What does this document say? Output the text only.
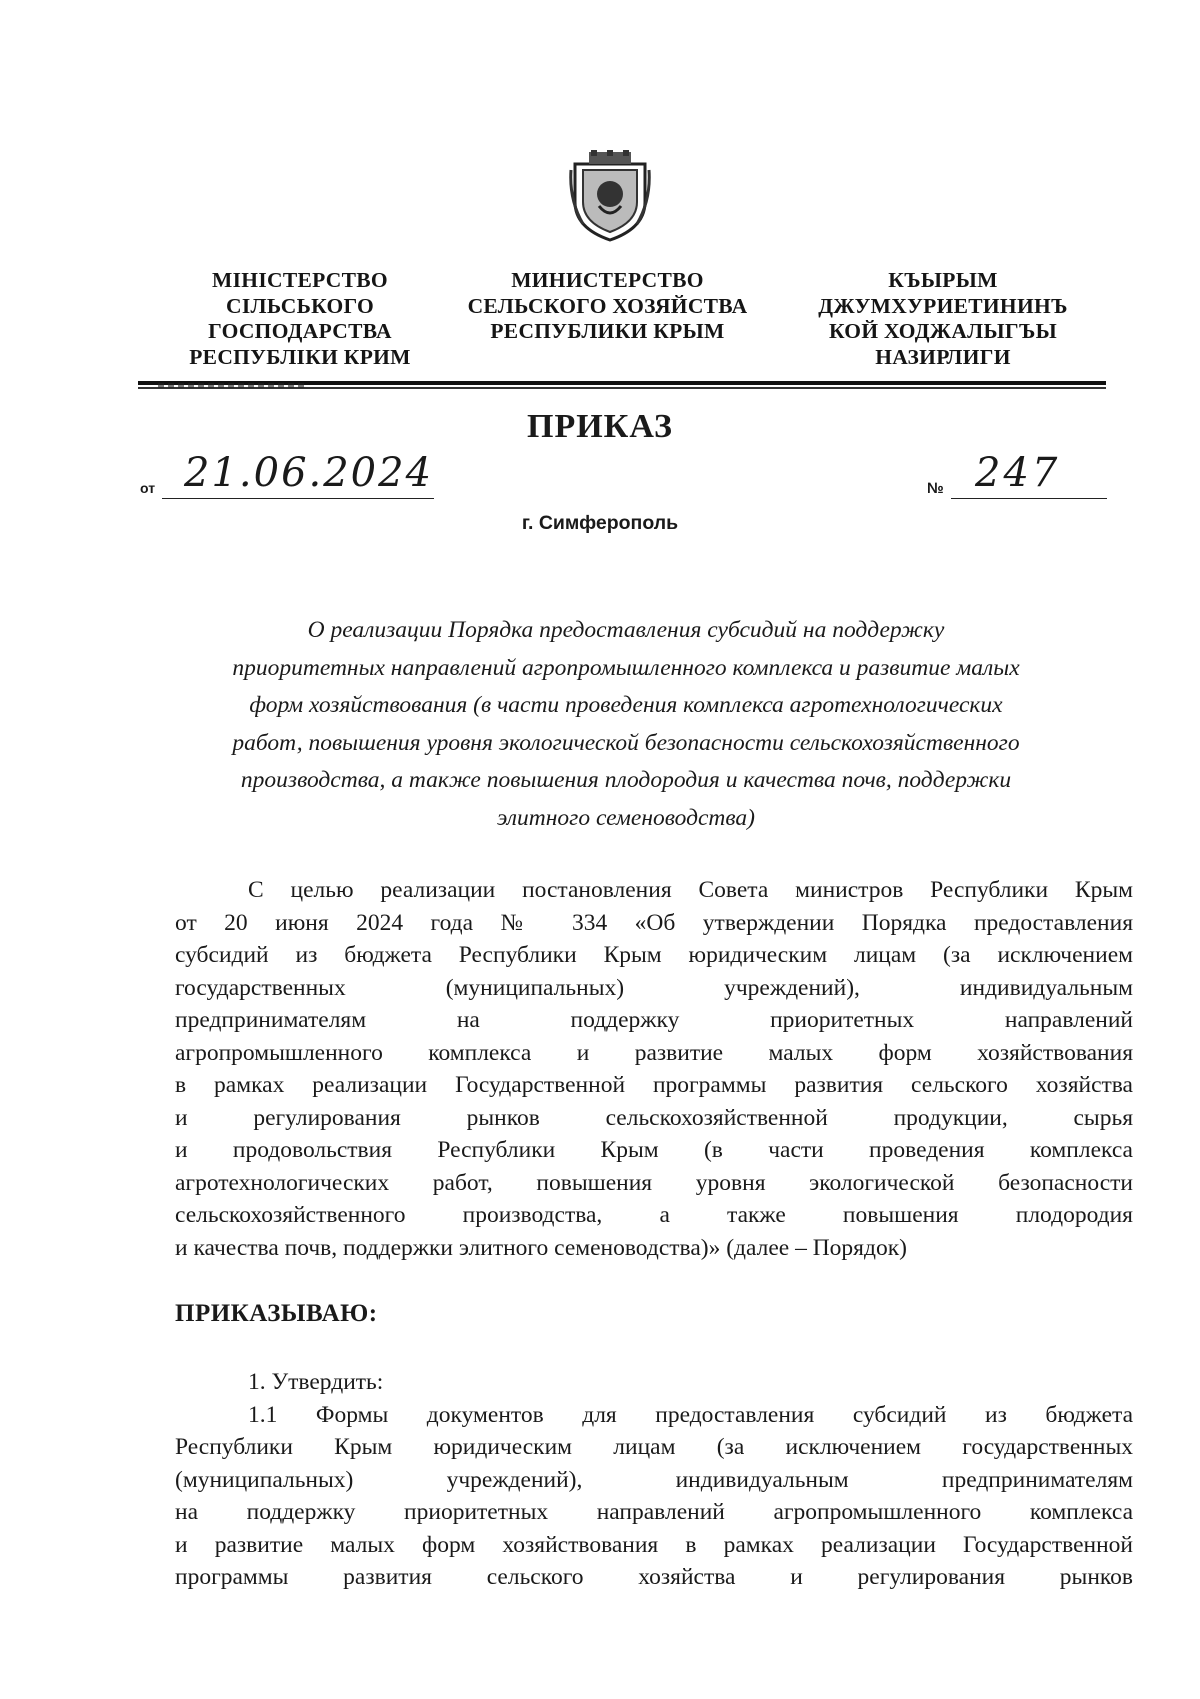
МІНІСТЕРСТВО
СІЛЬСЬКОГО
ГОСПОДАРСТВА
РЕСПУБЛІКИ КРИМ
МИНИСТЕРСТВО
СЕЛЬСКОГО ХОЗЯЙСТВА
РЕСПУБЛИКИ КРЫМ
КЪЫРЫМ
ДЖУМХУРИЕТИНИНЪ
КОЙ ХОДЖАЛЫГЪЫ
НАЗИРЛИГИ
ПРИКАЗ
от 21.06.2024	№ 247
г. Симферополь
О реализации Порядка предоставления субсидий на поддержку
приоритетных направлений агропромышленного комплекса и развитие малых
форм хозяйствования (в части проведения комплекса агротехнологических
работ, повышения уровня экологической безопасности сельскохозяйственного
производства, а также повышения плодородия и качества почв, поддержки
элитного семеноводства)
С целью реализации постановления Совета министров Республики Крым
от 20 июня 2024 года № 334 «Об утверждении Порядка предоставления
субсидий из бюджета Республики Крым юридическим лицам (за исключением
государственных (муниципальных) учреждений), индивидуальным
предпринимателям на поддержку приоритетных направлений
агропромышленного комплекса и развитие малых форм хозяйствования
в рамках реализации Государственной программы развития сельского хозяйства
и регулирования рынков сельскохозяйственной продукции, сырья
и продовольствия Республики Крым (в части проведения комплекса
агротехнологических работ, повышения уровня экологической безопасности
сельскохозяйственного производства, а также повышения плодородия
и качества почв, поддержки элитного семеноводства)» (далее – Порядок)
ПРИКАЗЫВАЮ:
1. Утвердить:
1.1 Формы документов для предоставления субсидий из бюджета
Республики Крым юридическим лицам (за исключением государственных
(муниципальных) учреждений), индивидуальным предпринимателям
на поддержку приоритетных направлений агропромышленного комплекса
и развитие малых форм хозяйствования в рамках реализации Государственной
программы развития сельского хозяйства и регулирования рынков
